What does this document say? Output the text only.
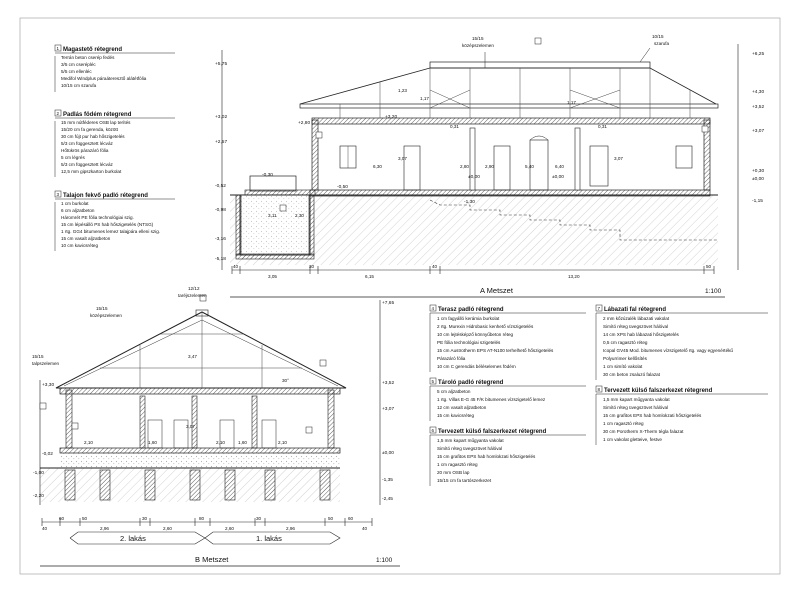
15/15
középszelemen
10/15
szarufa
+5,75
+3,02
+2,57
-0,52
-0,98
-3,16
-5,18
+6,25
+4,30
+3,52
+3,07
+0,30
±0,00
-1,15
+2,80
+3,20
-0,30
-0,50
±0,00
-1,30
±0,00
6,30
3,07
2,80	2,90	5,40	6,40
3,07
3,11	2,30
1,17
1,17
1,23
0,31	0,31
40
3,05
30
6,15
40
13,20
50
A Metszet	1:100
Magastető rétegrend
Terrán beton cserép fedés
3/5 cm cserépléc
5/5 cm ellenléc
Medifol Windplus páraáteresztő alátétfólia
10/15 cm szarufa
Padlás födém rétegrend
15 mm nútféderes OSB lap terítés
15/20 cm fa gerenda, között
30 cm fújt pur hab hőszigetelés
5/3 cm függesztett lécváz
Hőtükrös párazáró fólia
5 cm légrés
5/3 cm függesztett lécváz
12,5 mm gipszkarton burkolat
Talajon fekvő padló rétegrend
1 cm burkolat
6 cm aljzatbeton
Háromrét PE fólia technológiai szig.
15 cm lépésálló PS hab hőszigetelés (NTSG)
1 rtg. GG4 bitumenes lemez talajpára elleni szig.
15 cm vasalt aljzatbeton
10 cm kavicsréteg
12/12
taréjszelemen
15/15
középszelemen
15/15
talpszelemen
30°
3,47
3,07
+3,30
-0,02
-1,00
-2,20
+7,65
+3,52
+3,07
±0,00
-1,35
-2,45
2,10	1,60	2,10	1,60	2,10
40
60	50
2,96
30
2,60
80
2,60
30
2,96
50	60
40
2. lakás	1. lakás
B Metszet	1:100
Terasz padló rétegrend
1 cm fagyálló kerámia burkolat
2 rtg. Murexin Hidrobasic kenhető vízszigetelés
10 cm lejtésképző könnyűbeton réteg
PE fólia technológiai szigetelés
15 cm Austrotherm EPS AT-N100 terhelhető hőszigetelés
Párazáró fólia
10 cm C gerendás béléselemes födém
Tároló padló rétegrend
5 cm aljzatbeton
1 rtg. Villas E-G 45 F/K bitumenes vízszigetelő lemez
12 cm vasalt aljzatbeton
15 cm kavicsréteg
Tervezett külső falszerkezet rétegrend
1,5 mm kapart műgyanta vakolat
Simító réteg üvegszövet hálóval
15 cm grafitos EPS hab homlokzati hőszigetelés
1 cm ragasztó réteg
20 mm OSB lap
15/15 cm fa tartószerkezet
Lábazati fal rétegrend
2 mm kőzúzalék lábazati vakolat
Simító réteg üvegszövet hálóval
14 cm XPS hab lábazati hőszigetelés
0,5 cm ragasztó réteg
Icopal GV45 Mod. bitumenes vízszigetelő rtg. vagy egyenértékű
Polyurrimer kellősítés
1 cm simító vakolat
30 cm beton zsaluzó falazat
Tervezett külső falszerkezet rétegrend
1,5 mm kapart műgyanta vakolat
Simító réteg üvegszövet hálóval
15 cm grafitos EPS hab homlokzati hőszigetelés
1 cm ragasztó réteg
30 cm Porotherm X-Therm tégla falazat
1 cm vakolat gletteive, festve
1
2
3
4
5
6
7
8
